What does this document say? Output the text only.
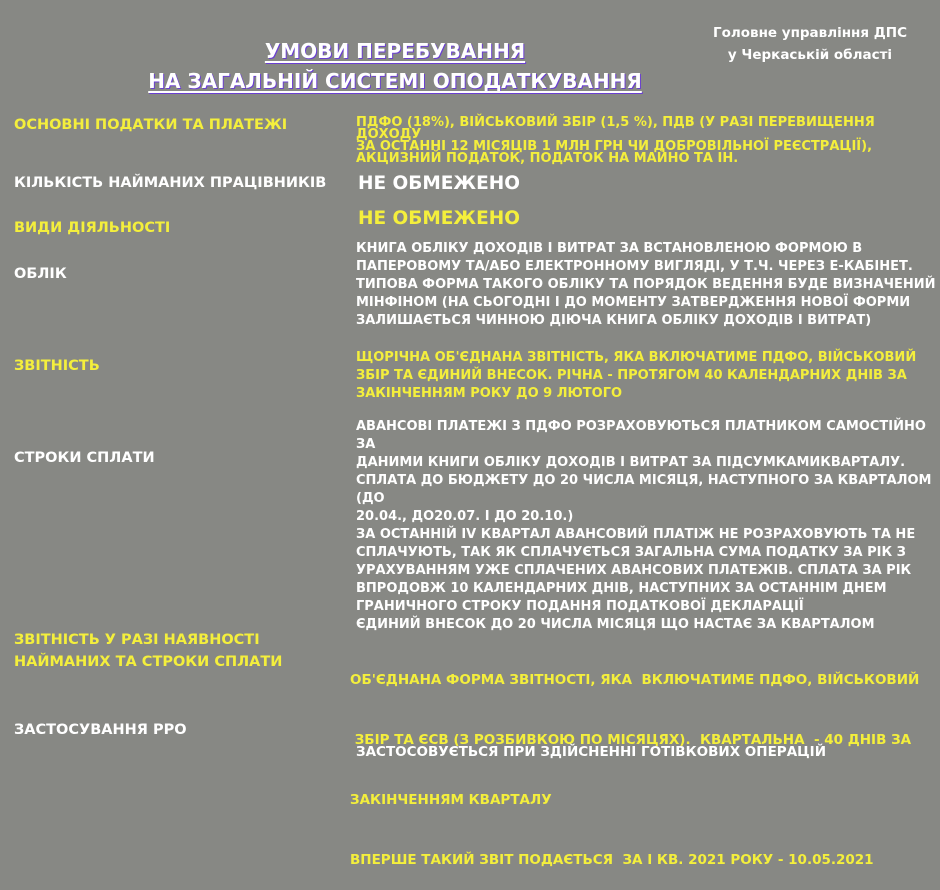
УМОВИ ПЕРЕБУВАННЯ
НА ЗАГАЛЬНІЙ СИСТЕМІ ОПОДАТКУВАННЯ
Головне управління ДПС
у Черкаській області
ОСНОВНІ ПОДАТКИ ТА ПЛАТЕЖІ	ПДФО (18%), ВІЙСЬКОВИЙ ЗБІР (1,5 %), ПДВ (У РАЗІ ПЕРЕВИЩЕННЯ ДОХОДУ
ЗА ОСТАННІ 12 МІСЯЦІВ 1 МЛН ГРН ЧИ ДОБРОВІЛЬНОЇ РЕЄСТРАЦІЇ),
АКЦИЗНИЙ ПОДАТОК, ПОДАТОК НА МАЙНО ТА ІН.
КІЛЬКІСТЬ НАЙМАНИХ ПРАЦІВНИКІВ НЕ ОБМЕЖЕНО
ВИДИ ДІЯЛЬНОСТІ	НЕ ОБМЕЖЕНО
ОБЛІК
КНИГА ОБЛІКУ ДОХОДІВ І ВИТРАТ ЗА ВСТАНОВЛЕНОЮ ФОРМОЮ В
ПАПЕРОВОМУ ТА/АБО ЕЛЕКТРОННОМУ ВИГЛЯДІ, У Т.Ч. ЧЕРЕЗ Е-КАБІНЕТ.
ТИПОВА ФОРМА ТАКОГО ОБЛІКУ ТА ПОРЯДОК ВЕДЕННЯ БУДЕ ВИЗНАЧЕНИЙ
МІНФІНОМ (НА СЬОГОДНІ І ДО МОМЕНТУ ЗАТВЕРДЖЕННЯ НОВОЇ ФОРМИ
ЗАЛИШАЄТЬСЯ ЧИННОЮ ДІЮЧА КНИГА ОБЛІКУ ДОХОДІВ І ВИТРАТ)
ЗВІТНІСТЬ
ЩОРІЧНА ОБ'ЄДНАНА ЗВІТНІСТЬ, ЯКА ВКЛЮЧАТИМЕ ПДФО, ВІЙСЬКОВИЙ
ЗБІР ТА ЄДИНИЙ ВНЕСОК. РІЧНА - ПРОТЯГОМ 40 КАЛЕНДАРНИХ ДНІВ ЗА
ЗАКІНЧЕННЯМ РОКУ ДО 9 ЛЮТОГО
СТРОКИ СПЛАТИ
АВАНСОВІ ПЛАТЕЖІ З ПДФО РОЗРАХОВУЮТЬСЯ ПЛАТНИКОМ САМОСТІЙНО ЗА
ДАНИМИ КНИГИ ОБЛІКУ ДОХОДІВ І ВИТРАТ ЗА ПІДСУМКАМИКВАРТАЛУ.
СПЛАТА ДО БЮДЖЕТУ ДО 20 ЧИСЛА МІСЯЦЯ, НАСТУПНОГО ЗА КВАРТАЛОМ (ДО
20.04., ДО20.07. І ДО 20.10.)
ЗА ОСТАННІЙ IV КВАРТАЛ АВАНСОВИЙ ПЛАТІЖ НЕ РОЗРАХОВУЮТЬ ТА НЕ
СПЛАЧУЮТЬ, ТАК ЯК СПЛАЧУЄТЬСЯ ЗАГАЛЬНА СУМА ПОДАТКУ ЗА РІК З
УРАХУВАННЯМ УЖЕ СПЛАЧЕНИХ АВАНСОВИХ ПЛАТЕЖІВ. СПЛАТА ЗА РІК
ВПРОДОВЖ 10 КАЛЕНДАРНИХ ДНІВ, НАСТУПНИХ ЗА ОСТАННІМ ДНЕМ
ГРАНИЧНОГО СТРОКУ ПОДАННЯ ПОДАТКОВОЇ ДЕКЛАРАЦІЇ
ЄДИНИЙ ВНЕСОК ДО 20 ЧИСЛА МІСЯЦЯ ЩО НАСТАЄ ЗА КВАРТАЛОМ
ЗВІТНІСТЬ У РАЗІ НАЯВНОСТІ
НАЙМАНИХ ТА СТРОКИ СПЛАТИ

ОБ'ЄДНАНА ФОРМА ЗВІТНОСТІ, ЯКА  ВКЛЮЧАТИМЕ ПДФО, ВІЙСЬКОВИЙ

ЗБІР ТА ЄСВ (З РОЗБИВКОЮ ПО МІСЯЦЯХ).  КВАРТАЛЬНА  - 40 ДНІВ ЗА

ЗАКІНЧЕННЯМ КВАРТАЛУ

ВПЕРШЕ ТАКИЙ ЗВІТ ПОДАЄТЬСЯ  ЗА І КВ. 2021 РОКУ - 10.05.2021

ЗАСТОСУВАННЯ РРО
ЗАСТОСОВУЄТЬСЯ ПРИ ЗДІЙСНЕННІ ГОТІВКОВИХ ОПЕРАЦІЙ
